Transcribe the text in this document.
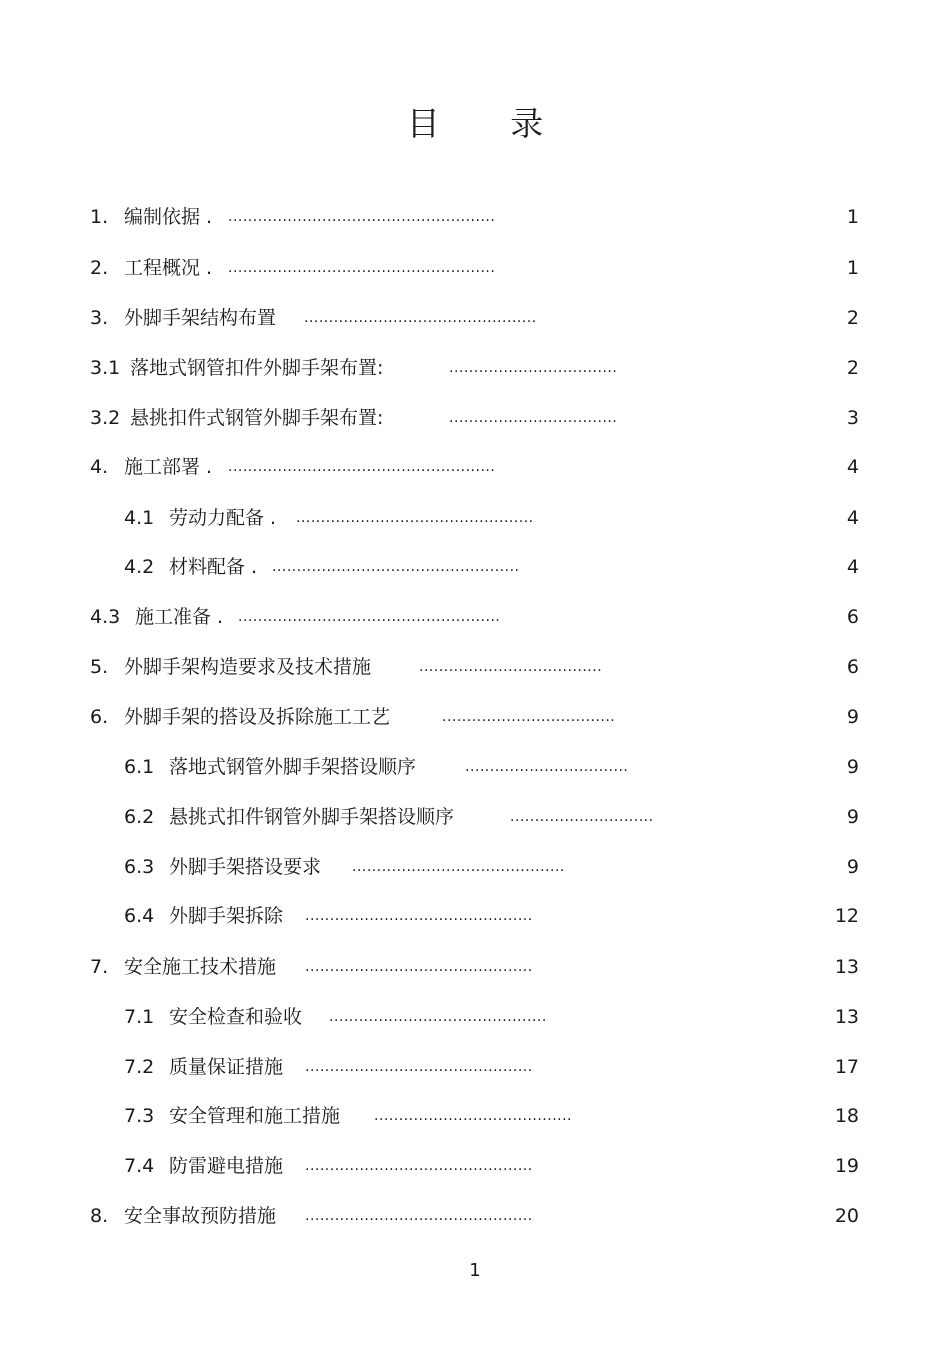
目 录
1. 编制依据 . ......................................................	1
2. 工程概况 . ......................................................	1
3. 外脚手架结构布置 ...............................................	2
3.1 落地式钢管扣件外脚手架布置:	..................................	2
3.2 悬挑扣件式钢管外脚手架布置:	..................................	3
4. 施工部署 . ......................................................	4
4.1 劳动力配备 . ................................................	4
4.2 材料配备 . ..................................................	4
4.3 施工准备 . .....................................................	6
5. 外脚手架构造要求及技术措施	.....................................	6
6. 外脚手架的搭设及拆除施工工艺	...................................	9
6.1 落地式钢管外脚手架搭设顺序	.................................	9
6.2 悬挑式扣件钢管外脚手架搭设顺序	.............................	9
6.3 外脚手架搭设要求 ...........................................	9
6.4 外脚手架拆除 ..............................................	12
7. 安全施工技术措施 ..............................................	13
7.1 安全检查和验收 ............................................	13
7.2 质量保证措施 ..............................................	17
7.3 安全管理和施工措施 ........................................	18
7.4 防雷避电措施 ..............................................	19
8. 安全事故预防措施 ..............................................	20
1
